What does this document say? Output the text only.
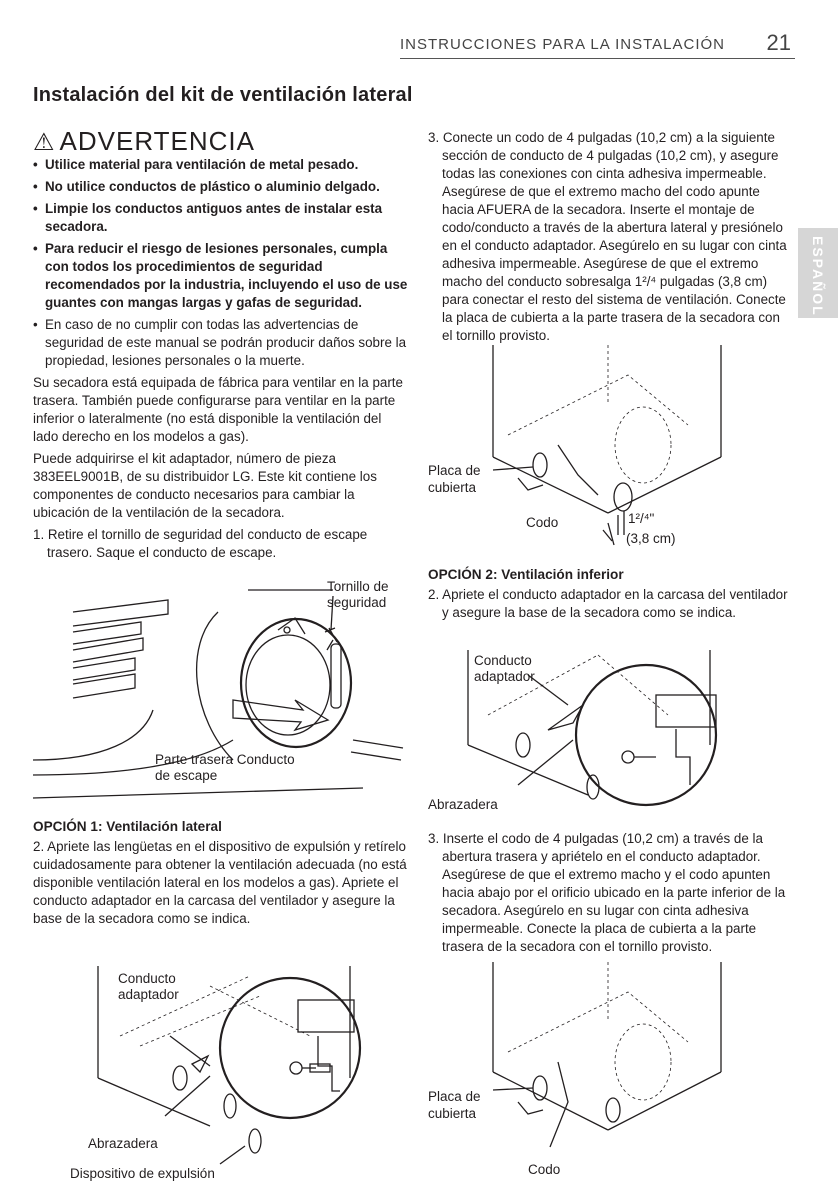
INSTRUCCIONES PARA LA INSTALACIÓN 21
ESPAÑOL
Instalación del kit de ventilación lateral
⚠ ADVERTENCIA
• Utilice material para ventilación de metal pesado.
• No utilice conductos de plástico o aluminio delgado.
• Limpie los conductos antiguos antes de instalar esta secadora.
• Para reducir el riesgo de lesiones personales, cumpla con todos los procedimientos de seguridad recomendados por la industria, incluyendo el uso de use guantes con mangas largas y gafas de seguridad.
• En caso de no cumplir con todas las advertencias de seguridad de este manual se podrán producir daños sobre la propiedad, lesiones personales o la muerte.

Su secadora está equipada de fábrica para ventilar en la parte trasera. También puede configurarse para ventilar en la parte inferior o lateralmente (no está disponible la ventilación del lado derecho en los modelos a gas).

Puede adquirirse el kit adaptador, número de pieza 383EEL9001B, de su distribuidor LG. Este kit contiene los componentes de conducto necesarios para cambiar la ubicación de la ventilación de la secadora.

1. Retire el tornillo de seguridad del conducto de escape trasero. Saque el conducto de escape.

Tornillo de
seguridad
Parte trasera Conducto
de escape
OPCIÓN 1: Ventilación lateral

2. Apriete las lengüetas en el dispositivo de expulsión y retírelo cuidadosamente para obtener la ventilación adecuada (no está disponible ventilación lateral en los modelos a gas). Apriete el conducto adaptador en la carcasa del ventilador y asegure la base de la secadora como se indica.

Conducto
adaptador
Abrazadera
Dispositivo de expulsión

3. Conecte un codo de 4 pulgadas (10,2 cm) a la siguiente sección de conducto de 4 pulgadas (10,2 cm), y asegure todas las conexiones con cinta adhesiva impermeable. Asegúrese de que el extremo macho del codo apunte hacia AFUERA de la secadora. Inserte el montaje de codo/conducto a través de la abertura lateral y presiónelo en el conducto adaptador. Asegúrelo en su lugar con cinta adhesiva impermeable. Asegúrese de que el extremo macho del conducto sobresalga 1²/⁴ pulgadas (3,8 cm) para conectar el resto del sistema de ventilación. Conecte la placa de cubierta a la parte trasera de la secadora con el tornillo provisto.

Placa de
cubierta
Codo	1²/⁴"
(3,8 cm)
OPCIÓN 2: Ventilación inferior

2. Apriete el conducto adaptador en la carcasa del ventilador y asegure la base de la secadora como se indica.

Conducto
adaptador
Abrazadera

3. Inserte el codo de 4 pulgadas (10,2 cm) a través de la abertura trasera y apriételo en el conducto adaptador. Asegúrese de que el extremo macho y el codo apunten hacia abajo por el orificio ubicado en la parte inferior de la secadora. Asegúrelo en su lugar con cinta adhesiva impermeable. Conecte la placa de cubierta a la parte trasera de la secadora con el tornillo provisto.

Placa de
cubierta
Codo
